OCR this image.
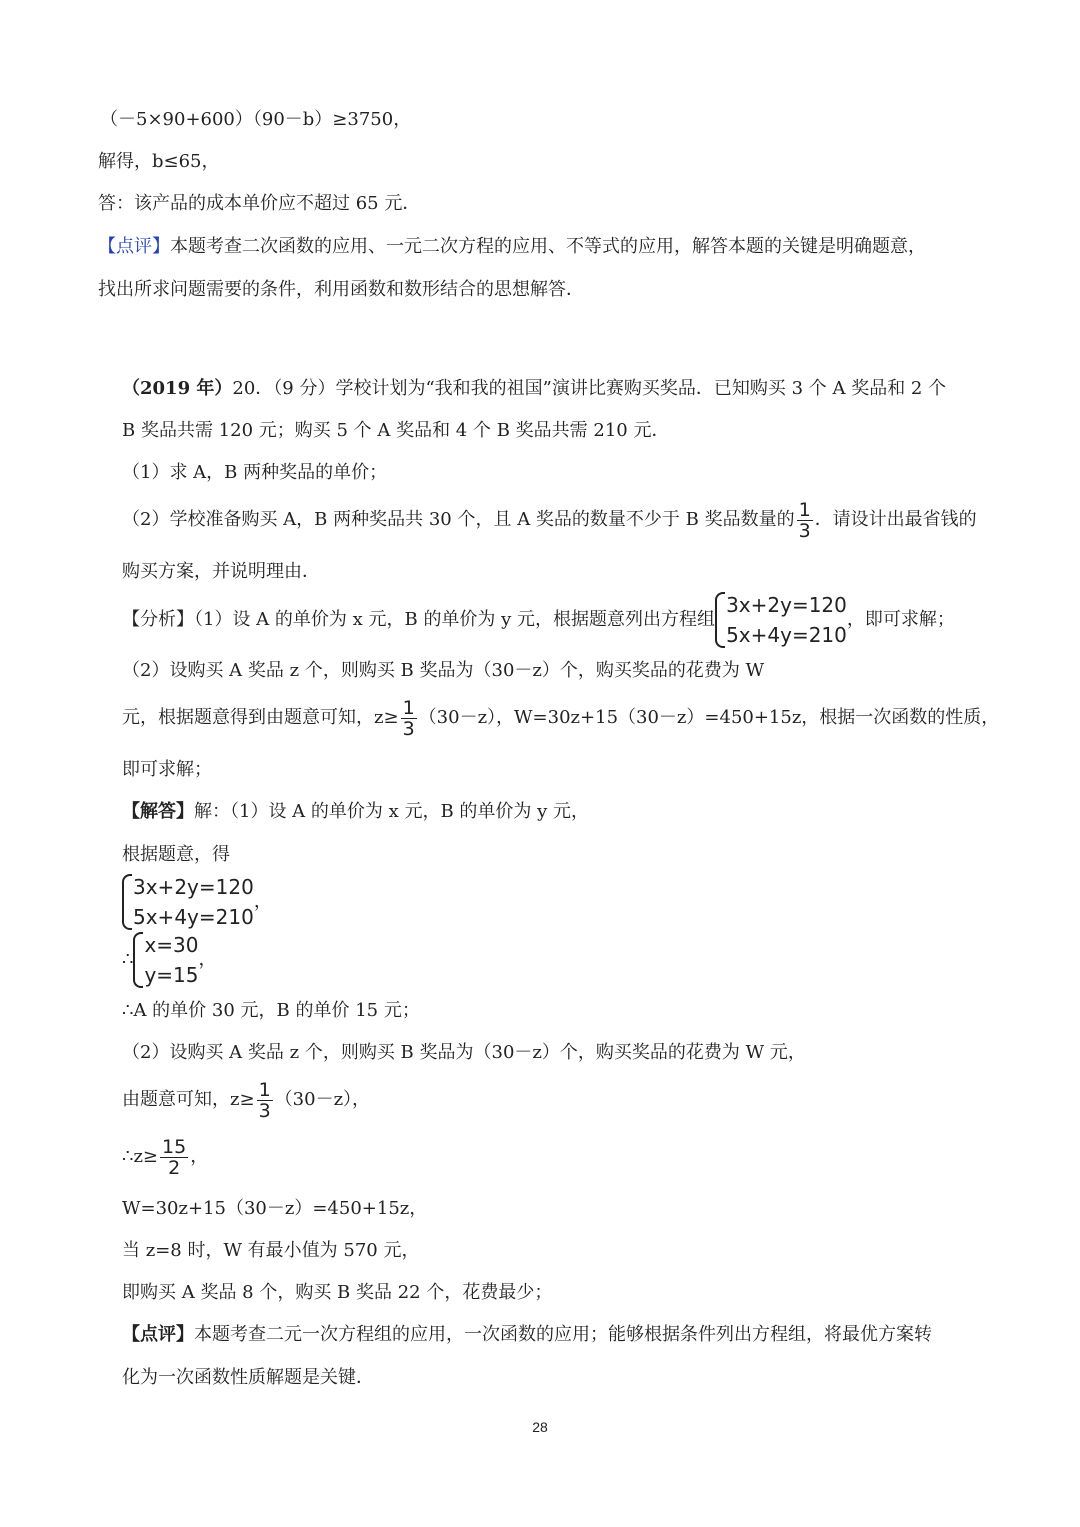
（－5×90+600）（90－b）≥3750，
解得，b≤65，
答：该产品的成本单价应不超过 65 元．
【点评】本题考查二次函数的应用、一元二次方程的应用、不等式的应用，解答本题的关键是明确题意，
找出所求问题需要的条件，利用函数和数形结合的思想解答．
（2019 年）20．（9 分）学校计划为“我和我的祖国”演讲比赛购买奖品．已知购买 3 个 A 奖品和 2 个
B 奖品共需 120 元；购买 5 个 A 奖品和 4 个 B 奖品共需 210 元．
（1）求 A，B 两种奖品的单价；
（2）学校准备购买 A，B 两种奖品共 30 个，且 A 奖品的数量不少于 B 奖品数量的 $\frac{1}{3}$ ．请设计出最省钱的
购买方案，并说明理由．
【分析】（1）设 A 的单价为 x 元，B 的单价为 y 元，根据题意列出方程组
3x+2y=120
5x+4y=210
，即可求解；
（2）设购买 A 奖品 z 个，则购买 B 奖品为（30－z）个，购买奖品的花费为 W
元，根据题意得到由题意可知，$z\ge \frac{1}{3} (30-z)$，W=30z+15（30－z）=450+15z，根据一次函数的性质，
即可求解；
【解答】解：（1）设 A 的单价为 x 元，B 的单价为 y 元，
根据题意，得
3x+2y=120
5x+4y=210
，
∴
x=30
y=15
，
∴A 的单价 30 元，B 的单价 15 元；
（2）设购买 A 奖品 z 个，则购买 B 奖品为（30－z）个，购买奖品的花费为 W 元，
由题意可知，$z\ge \frac{1}{3} (30-z)$，
∴z≥ $\frac{15}{2}$ ，
W=30z+15（30－z）=450+15z，
当 z=8 时，W 有最小值为 570 元，
即购买 A 奖品 8 个，购买 B 奖品 22 个，花费最少；
【点评】本题考查二元一次方程组的应用，一次函数的应用；能够根据条件列出方程组，将最优方案转
化为一次函数性质解题是关键．
28
